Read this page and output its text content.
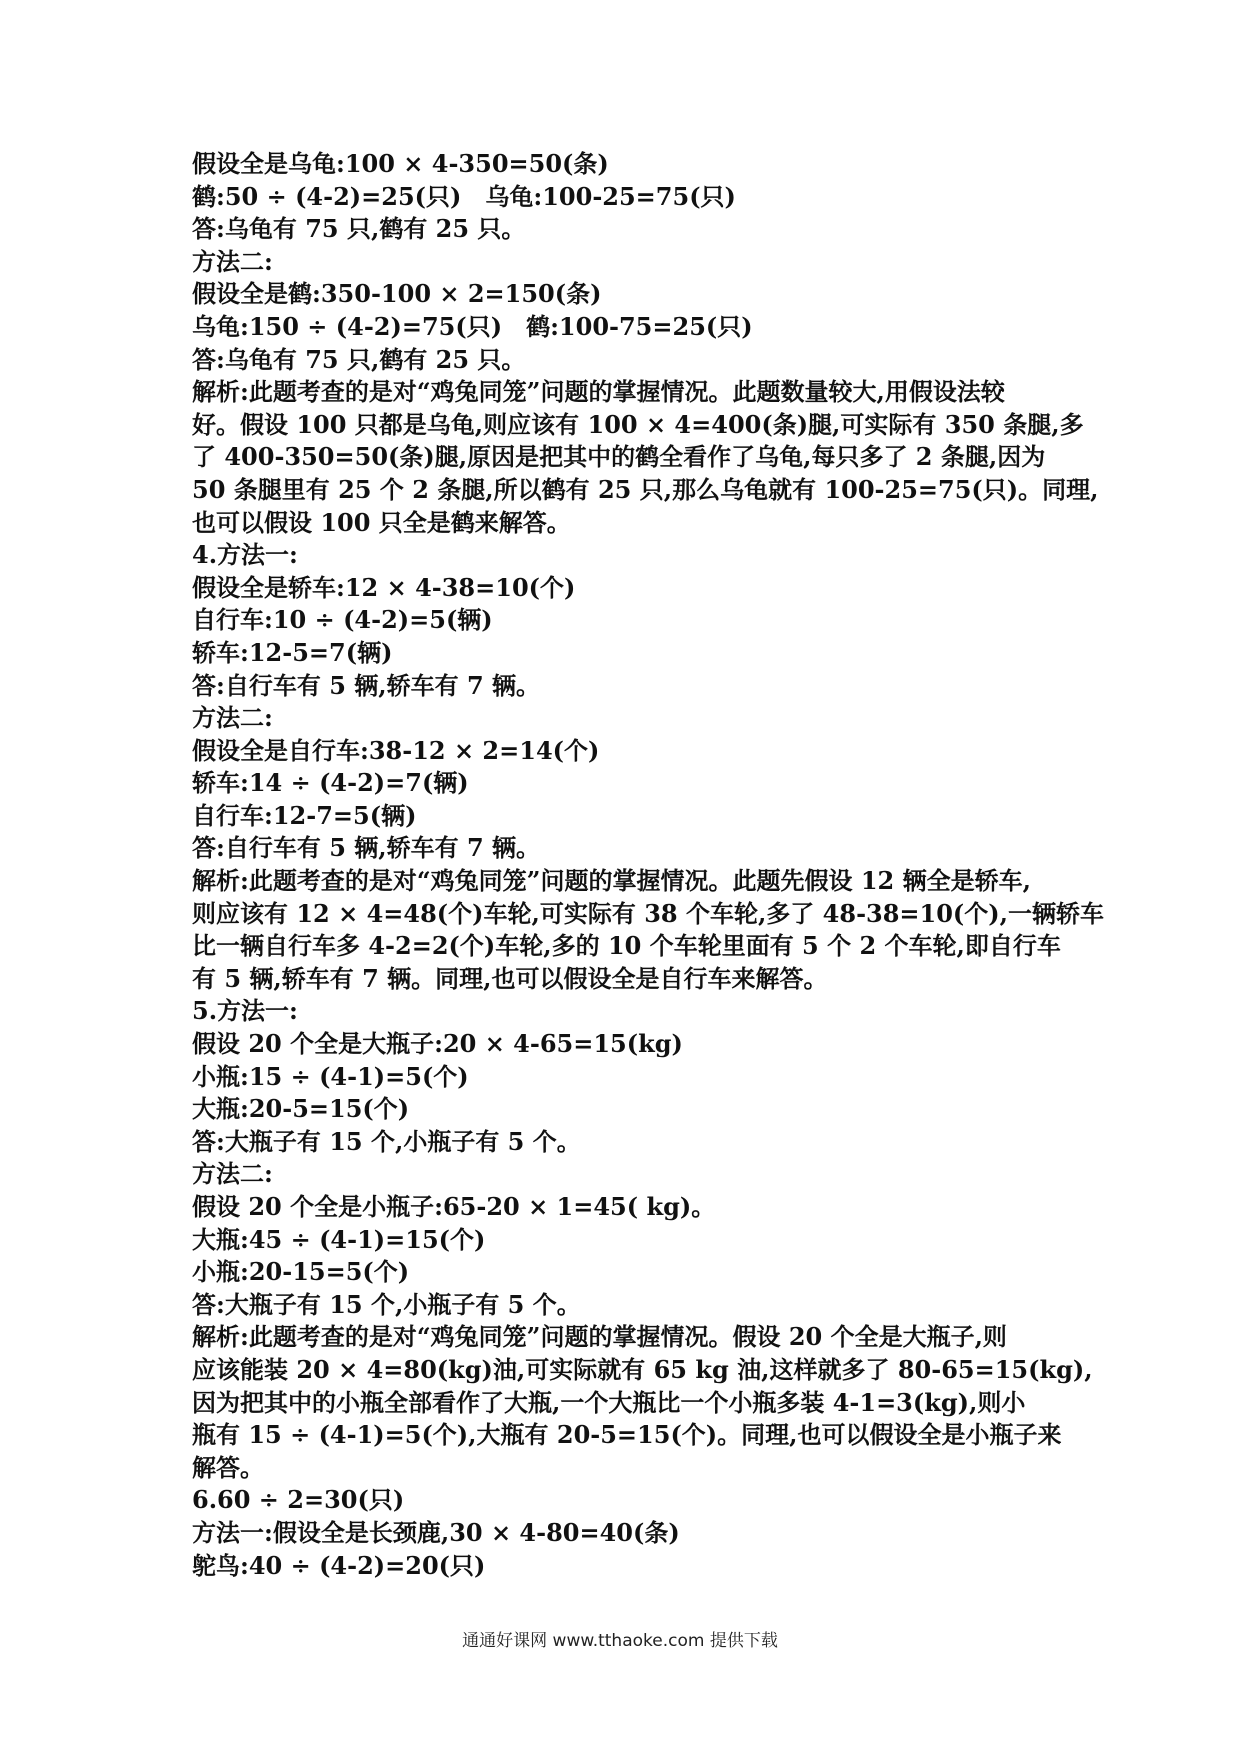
假设全是乌龟:100 × 4-350=50(条)
鹤:50 ÷ (4-2)=25(只)　乌龟:100-25=75(只)
答:乌龟有 75 只,鹤有 25 只。
方法二:
假设全是鹤:350-100 × 2=150(条)
乌龟:150 ÷ (4-2)=75(只)　鹤:100-75=25(只)
答:乌龟有 75 只,鹤有 25 只。
解析:此题考查的是对“鸡兔同笼”问题的掌握情况。此题数量较大,用假设法较
好。假设 100 只都是乌龟,则应该有 100 × 4=400(条)腿,可实际有 350 条腿,多
了 400-350=50(条)腿,原因是把其中的鹤全看作了乌龟,每只多了 2 条腿,因为
50 条腿里有 25 个 2 条腿,所以鹤有 25 只,那么乌龟就有 100-25=75(只)。同理,
也可以假设 100 只全是鹤来解答。
4.方法一:
假设全是轿车:12 × 4-38=10(个)
自行车:10 ÷ (4-2)=5(辆)
轿车:12-5=7(辆)
答:自行车有 5 辆,轿车有 7 辆。
方法二:
假设全是自行车:38-12 × 2=14(个)
轿车:14 ÷ (4-2)=7(辆)
自行车:12-7=5(辆)
答:自行车有 5 辆,轿车有 7 辆。
解析:此题考查的是对“鸡兔同笼”问题的掌握情况。此题先假设 12 辆全是轿车,
则应该有 12 × 4=48(个)车轮,可实际有 38 个车轮,多了 48-38=10(个),一辆轿车
比一辆自行车多 4-2=2(个)车轮,多的 10 个车轮里面有 5 个 2 个车轮,即自行车
有 5 辆,轿车有 7 辆。同理,也可以假设全是自行车来解答。
5.方法一:
假设 20 个全是大瓶子:20 × 4-65=15(kg)
小瓶:15 ÷ (4-1)=5(个)
大瓶:20-5=15(个)
答:大瓶子有 15 个,小瓶子有 5 个。
方法二:
假设 20 个全是小瓶子:65-20 × 1=45( kg)。
大瓶:45 ÷ (4-1)=15(个)
小瓶:20-15=5(个)
答:大瓶子有 15 个,小瓶子有 5 个。
解析:此题考查的是对“鸡兔同笼”问题的掌握情况。假设 20 个全是大瓶子,则
应该能装 20 × 4=80(kg)油,可实际就有 65 kg 油,这样就多了 80-65=15(kg),
因为把其中的小瓶全部看作了大瓶,一个大瓶比一个小瓶多装 4-1=3(kg),则小
瓶有 15 ÷ (4-1)=5(个),大瓶有 20-5=15(个)。同理,也可以假设全是小瓶子来
解答。
6.60 ÷ 2=30(只)
方法一:假设全是长颈鹿,30 × 4-80=40(条)
鸵鸟:40 ÷ (4-2)=20(只)
通通好课网 www.tthaoke.com 提供下载
